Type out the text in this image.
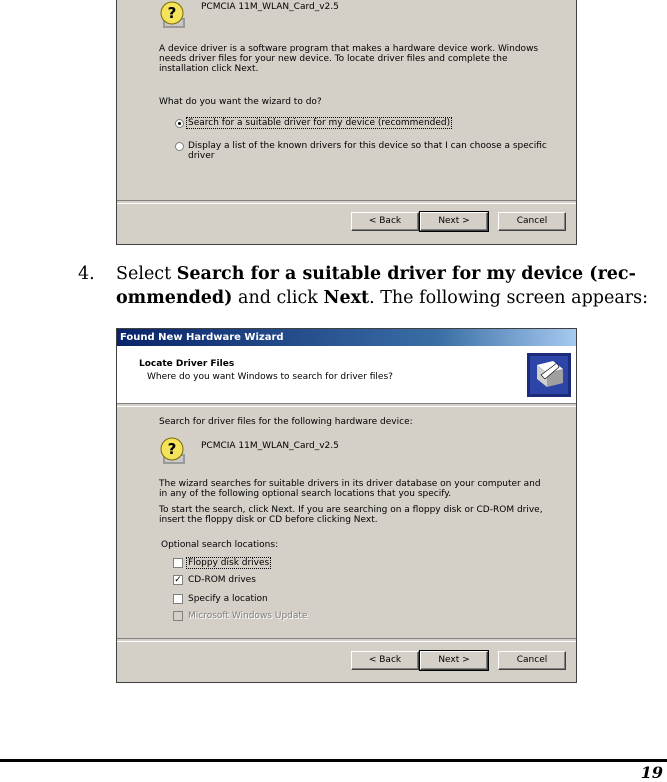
?	PCMCIA 11M_WLAN_Card_v2.5
A device driver is a software program that makes a hardware device work. Windows needs driver files for your new device. To locate driver files and complete the installation click Next.
What do you want the wizard to do?
Search for a suitable driver for my device (recommended)
Display a list of the known drivers for this device so that I can choose a specific driver
< Back	Next >	Cancel
4. Select Search for a suitable driver for my device (rec-
ommended) and click Next. The following screen appears:
Found New Hardware Wizard
Locate Driver Files
Where do you want Windows to search for driver files?
Search for driver files for the following hardware device:
?	PCMCIA 11M_WLAN_Card_v2.5
The wizard searches for suitable drivers in its driver database on your computer and in any of the following optional search locations that you specify.
To start the search, click Next. If you are searching on a floppy disk or CD-ROM drive, insert the floppy disk or CD before clicking Next.
Optional search locations:
Floppy disk drives
✓ CD-ROM drives
Specify a location
Microsoft Windows Update
< Back	Next >	Cancel
19
